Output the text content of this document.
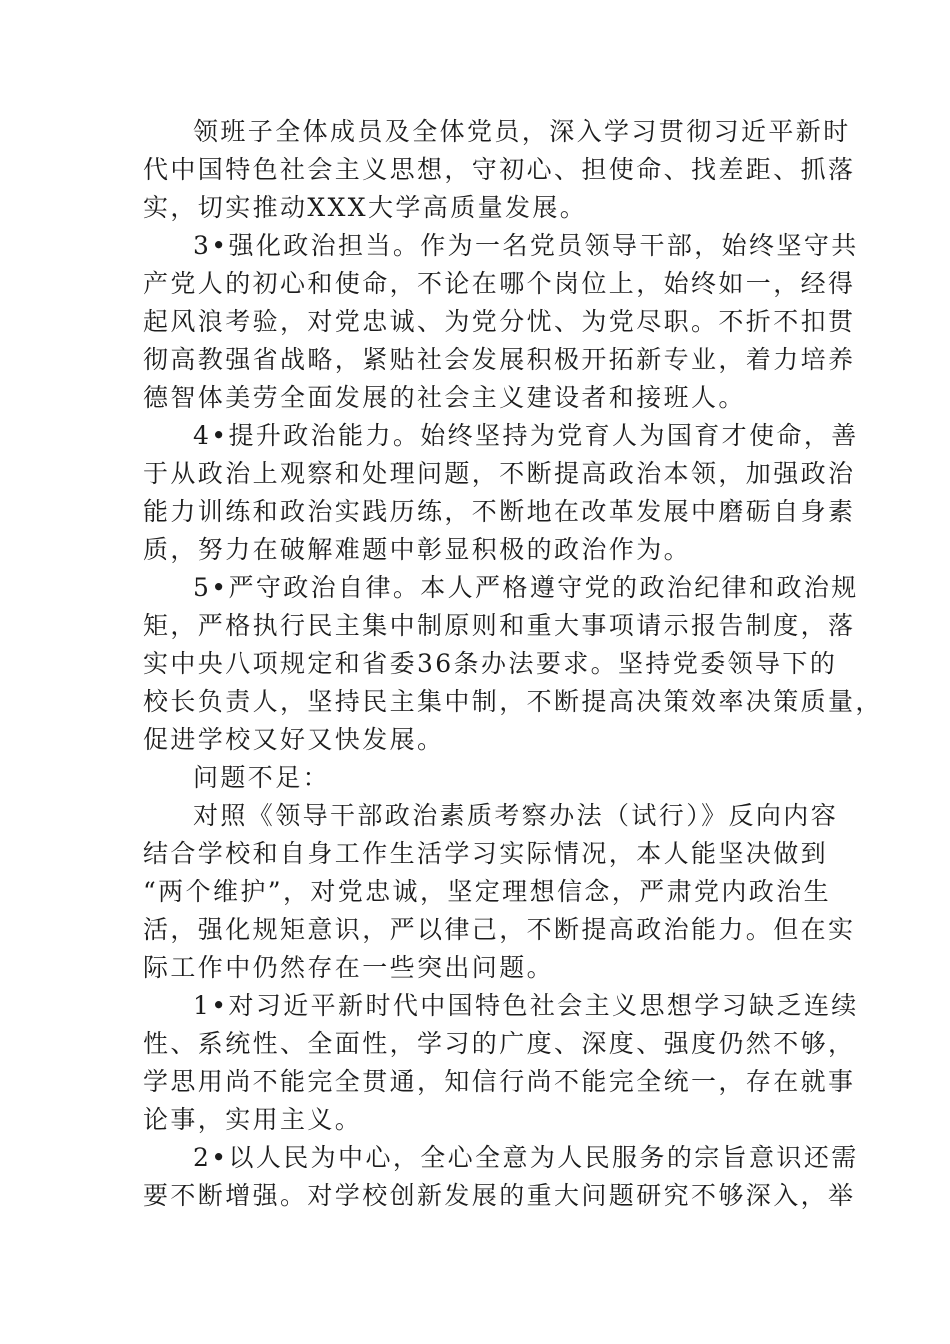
领班子全体成员及全体党员，深入学习贯彻习近平新时
代中国特色社会主义思想，守初心、担使命、找差距、抓落
实，切实推动XXX大学高质量发展。
3•强化政治担当。作为一名党员领导干部，始终坚守共
产党人的初心和使命，不论在哪个岗位上，始终如一，经得
起风浪考验，对党忠诚、为党分忧、为党尽职。不折不扣贯
彻高教强省战略，紧贴社会发展积极开拓新专业，着力培养
德智体美劳全面发展的社会主义建设者和接班人。
4•提升政治能力。始终坚持为党育人为国育才使命，善
于从政治上观察和处理问题，不断提高政治本领，加强政治
能力训练和政治实践历练，不断地在改革发展中磨砺自身素
质，努力在破解难题中彰显积极的政治作为。
5•严守政治自律。本人严格遵守党的政治纪律和政治规
矩，严格执行民主集中制原则和重大事项请示报告制度，落
实中央八项规定和省委36条办法要求。坚持党委领导下的
校长负责人，坚持民主集中制，不断提高决策效率决策质量，
促进学校又好又快发展。
问题不足：
对照《领导干部政治素质考察办法（试行）》反向内容
结合学校和自身工作生活学习实际情况，本人能坚决做到
“两个维护”，对党忠诚，坚定理想信念，严肃党内政治生
活，强化规矩意识，严以律己，不断提高政治能力。但在实
际工作中仍然存在一些突出问题。
1•对习近平新时代中国特色社会主义思想学习缺乏连续
性、系统性、全面性，学习的广度、深度、强度仍然不够，
学思用尚不能完全贯通，知信行尚不能完全统一，存在就事
论事，实用主义。
2•以人民为中心，全心全意为人民服务的宗旨意识还需
要不断增强。对学校创新发展的重大问题研究不够深入，举
